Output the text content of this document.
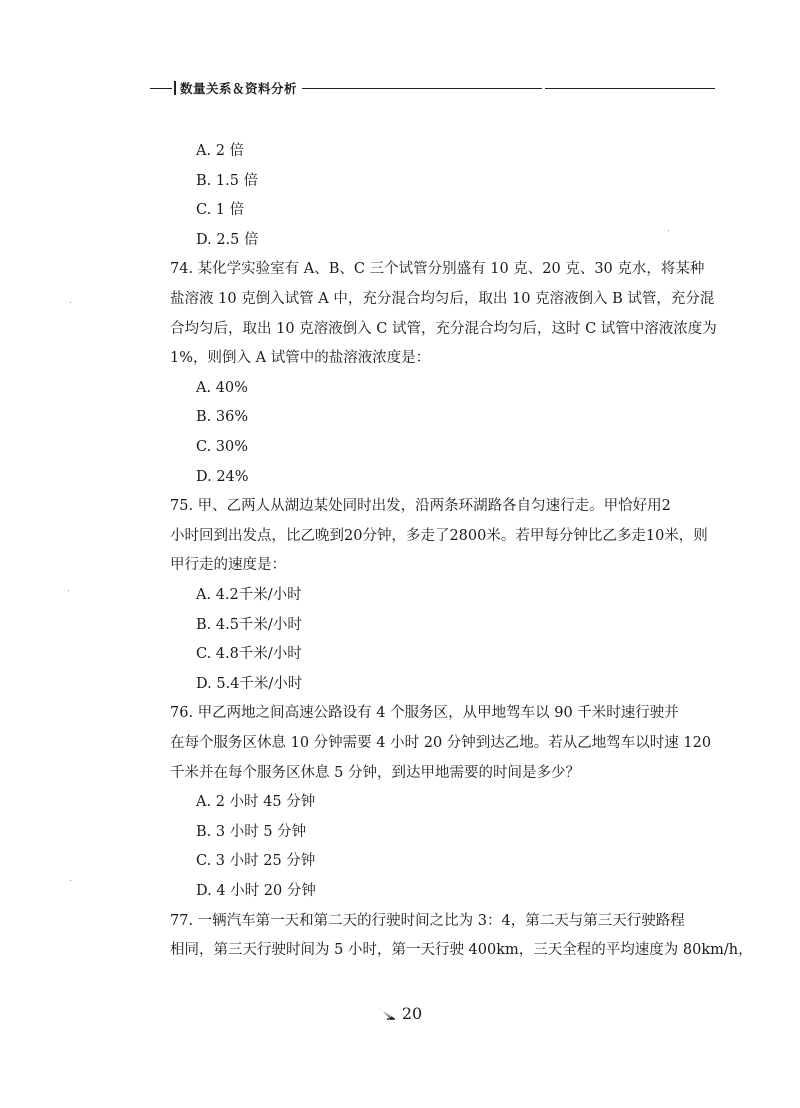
数量关系＆资料分析
A. 2 倍
B. 1.5 倍
C. 1 倍
D. 2.5 倍
74. 某化学实验室有 A、B、C 三个试管分别盛有 10 克、20 克、30 克水，将某种
盐溶液 10 克倒入试管 A 中，充分混合均匀后，取出 10 克溶液倒入 B 试管，充分混
合均匀后，取出 10 克溶液倒入 C 试管，充分混合均匀后，这时 C 试管中溶液浓度为
1%，则倒入 A 试管中的盐溶液浓度是：
A. 40%
B. 36%
C. 30%
D. 24%
75. 甲、乙两人从湖边某处同时出发，沿两条环湖路各自匀速行走。甲恰好用2
小时回到出发点，比乙晚到20分钟，多走了2800米。若甲每分钟比乙多走10米，则
甲行走的速度是：
A. 4.2千米/小时
B. 4.5千米/小时
C. 4.8千米/小时
D. 5.4千米/小时
76. 甲乙两地之间高速公路设有 4 个服务区，从甲地驾车以 90 千米时速行驶并
在每个服务区休息 10 分钟需要 4 小时 20 分钟到达乙地。若从乙地驾车以时速 120
千米并在每个服务区休息 5 分钟，到达甲地需要的时间是多少？
A. 2 小时 45 分钟
B. 3 小时 5 分钟
C. 3 小时 25 分钟
D. 4 小时 20 分钟
77. 一辆汽车第一天和第二天的行驶时间之比为 3：4，第二天与第三天行驶路程
相同，第三天行驶时间为 5 小时，第一天行驶 400km，三天全程的平均速度为 80km/h，
20
